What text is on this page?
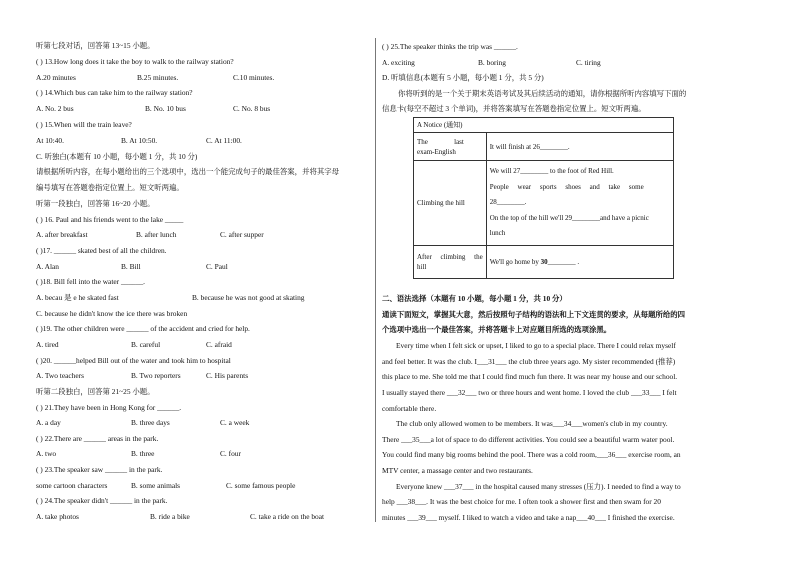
听第七段对话，回答第 13~15 小题。
( ) 13.How long does it take the boy to walk to the railway station?
A.20 minutes	B.25 minutes.	C.10 minutes.
( ) 14.Which bus can take him to the railway station?
A. No. 2 bus	B. No. 10 bus	C. No. 8 bus
( ) 15.When will the train leave?
At 10:40.	B. At 10:50.	C. At 11:00.
C. 听独白(本题有 10 小题，每小题 1 分，共 10 分)
请根据所听内容，在每小题给出的三个选项中，选出一个能完成句子的最佳答案，并将其字母
编号填写在答题卷指定位置上。短文听两遍。
听第一段独白，回答第 16~20 小题。
( ) 16. Paul and his friends went to the lake _____
A. after breakfast	B. after lunch	C. after supper
( )17. ______ skated best of all the children.
A. Alan	B. Bill	C. Paul
( )18. Bill fell into the water ______.
A. becau 是 e he skated fast	B. because he was not good at skating
C. because he didn't know the ice there was broken
( )19. The other children were ______ of the accident and cried for help.
A. tired	B. careful	C. afraid
( )20. ______helped Bill out of the water and took him to hospital
A. Two teachers	B. Two reporters	C. His parents
听第二段独白，回答第 21~25 小题。
( ) 21.They have been in Hong Kong for ______.
A. a day	B. three days	C. a week
( ) 22.There are ______ areas in the park.
A. two	B. three	C. four
( ) 23.The speaker saw ______ in the park.
some cartoon characters	B. some animals	C. some famous people
( ) 24.The speaker didn't ______ in the park.
A. take photos	B. ride a bike	C. take a ride on the boat
( ) 25.The speaker thinks the trip was ______.
A. exciting	B. boring	C. tiring
D. 听填信息(本题有 5 小题，每小题 1 分，共 5 分)
你将听到的是一个关于期末英语考试及其后续活动的通知，请你根据所听内容填写下面的
信息卡(每空不超过 3 个单词)，并将答案填写在答题卷指定位置上。短文听两遍。
A Notice (通知)	

The               last
exam-English	It will finish at 26________.
Climbing the hill	We will 27________ to the foot of Red Hill.
People     wear     sports     shoes     and     take     some
28________.
On the top of the hill we'll 29________and have a picnic
lunch

After     climbing     the
hill	We'll go home by 30________ .
二、语法选择（本题有 10 小题，每小题 1 分，共 10 分）
通读下面短文，掌握其大意，然后按照句子结构的语法和上下文连贯的要求，从每题所给的四
个选项中选出一个最佳答案，并将答题卡上对应题目所选的选项涂黑。
Every time when I felt sick or upset, I liked to go to a special place. There I could relax myself
and feel better. It was the club. I___31___ the club three years ago. My sister recommended (推荐)
this place to me. She told me that I could find much fun there. It was near my house and our school.
I usually stayed there ___32___ two or three hours and went home. I loved the club ___33___ I felt
comfortable there.
The club only allowed women to be members. It was___34___women's club in my country.
There ___35___a lot of space to do different activities. You could see a beautiful warm water pool.
You could find many big rooms behind the pool. There was a cold room,___36___ exercise room, an
MTV center, a massage center and two restaurants.
Everyone knew ___37___ in the hospital caused many stresses (压力). I needed to find a way to
help ___38___. It was the best choice for me. I often took a shower first and then swam for 20
minutes ___39___ myself. I liked to watch a video and take a nap___40___ I finished the exercise.
